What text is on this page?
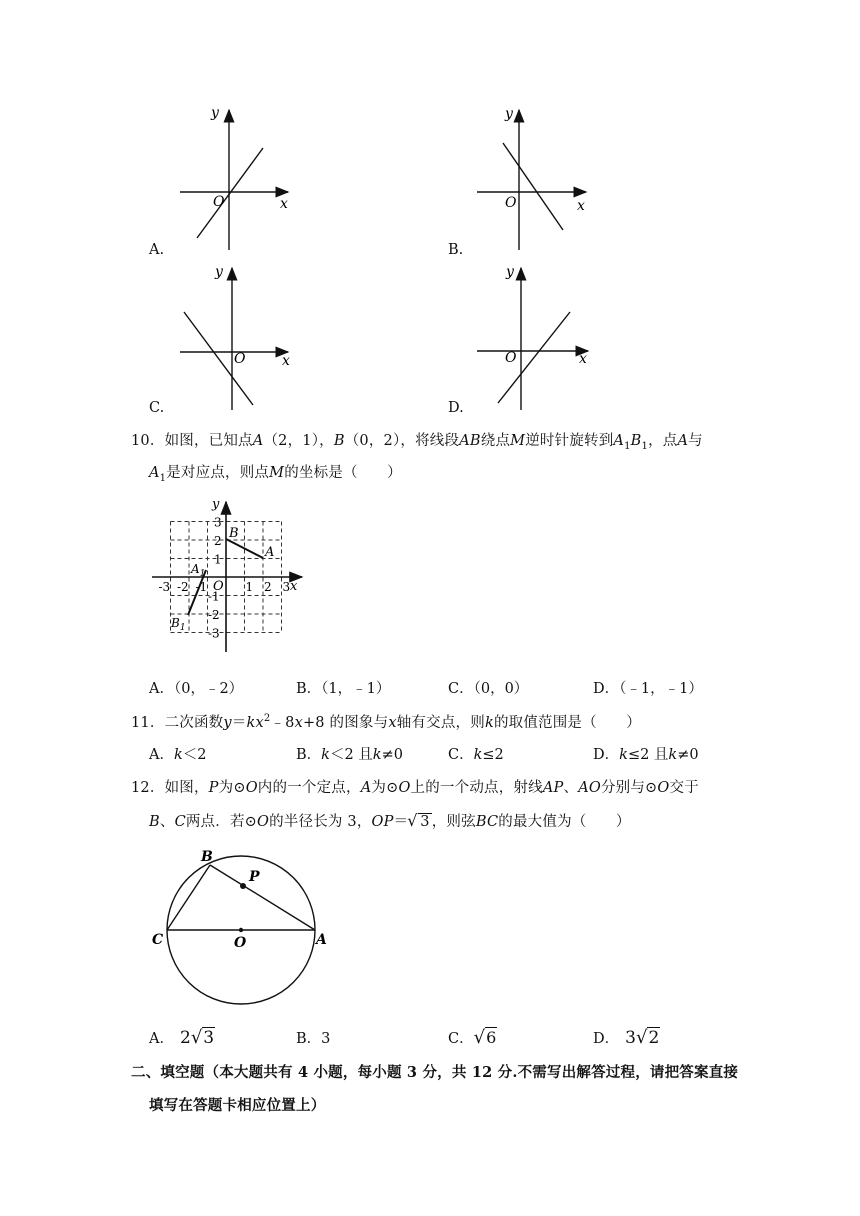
y
x
O
y
x
O
y
x
O
y
x
O
A.	B.
C.	D.
10．如图，已知点A（2，1），B（0，2），将线段AB绕点M逆时针旋转到$A_1B_1$，点A与
$A_1$是对应点，则点M的坐标是（　　）
-3 -2 -1	1 2 3
3
2
1
-1
-2
-3
y
x
O
B
A
$A_1$
$B_1$
A．（0，﹣2）	B．（1，﹣1）	C．（0，0）	D．（﹣1，﹣1）
11．二次函数$y=kx^2﹣8x+8$ 的图象与x轴有交点，则k的取值范围是（　　）
A．k＜2	B．k＜2 且k≠0	C．k≤2	D．k≤2 且k≠0
12．如图，P为⊙O内的一个定点，A为⊙O上的一个动点，射线AP、AO分别与⊙O交于
B、C两点．若⊙O的半径长为 3，OP＝ √ 3 ，则弦BC的最大值为（　　）
B
P
C	O	A
A． 2√3	B．3	C．√6	D． 3√2
二、填空题（本大题共有 4 小题，每小题 3 分，共 12 分.不需写出解答过程，请把答案直接
填写在答题卡相应位置上）
